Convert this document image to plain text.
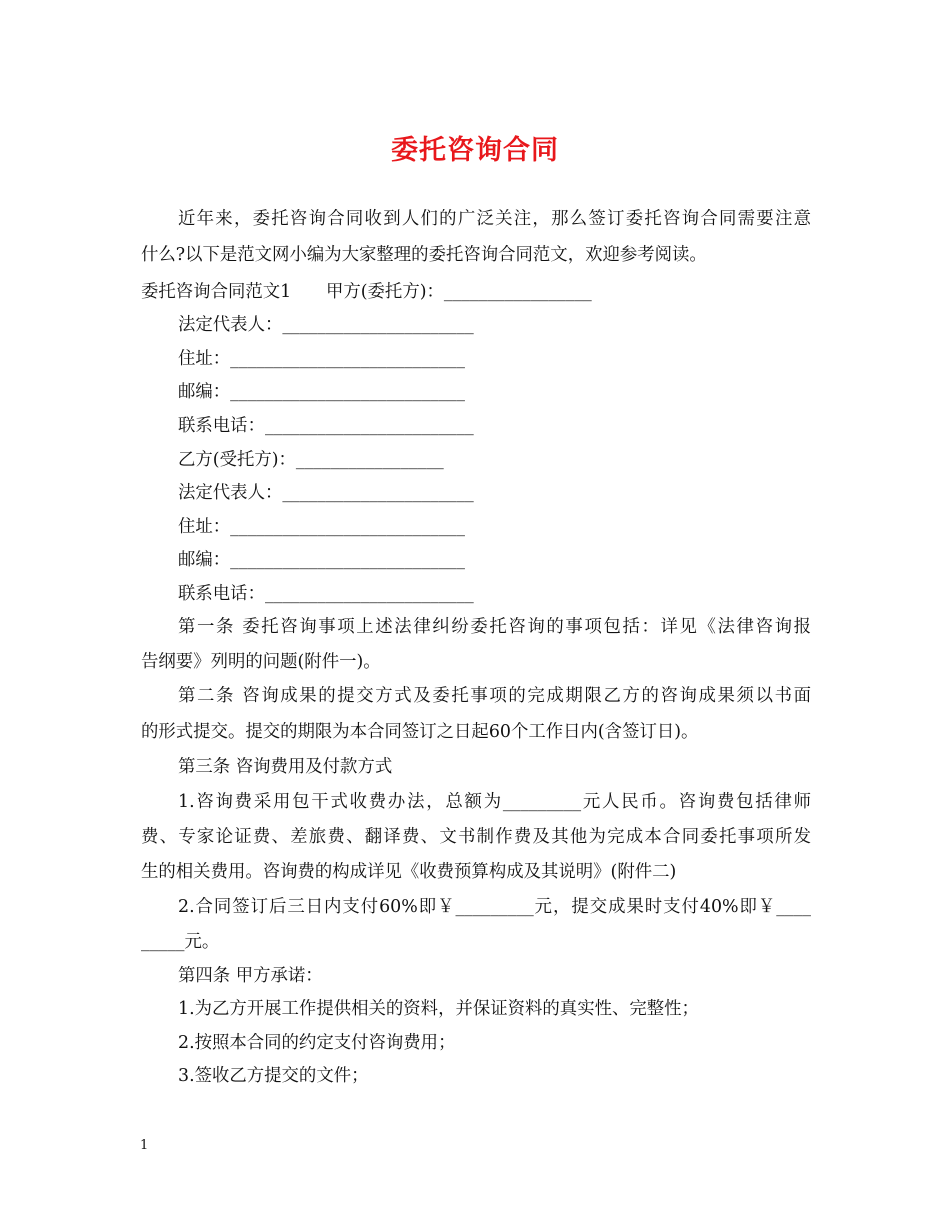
委托咨询合同
近年来，委托咨询合同收到人们的广泛关注，那么签订委托咨询合同需要注意
什么?以下是范文网小编为大家整理的委托咨询合同范文，欢迎参考阅读。
委托咨询合同范文1　　甲方(委托方)：_________________
法定代表人：______________________
住址：___________________________
邮编：___________________________
联系电话：________________________
乙方(受托方)：_________________
法定代表人：______________________
住址：___________________________
邮编：___________________________
联系电话：________________________
第一条 委托咨询事项上述法律纠纷委托咨询的事项包括：详见《法律咨询报
告纲要》列明的问题(附件一)。
第二条 咨询成果的提交方式及委托事项的完成期限乙方的咨询成果须以书面
的形式提交。提交的期限为本合同签订之日起60个工作日内(含签订日)。
第三条 咨询费用及付款方式
1.咨询费采用包干式收费办法，总额为_________元人民币。咨询费包括律师
费、专家论证费、差旅费、翻译费、文书制作费及其他为完成本合同委托事项所发
生的相关费用。咨询费的构成详见《收费预算构成及其说明》(附件二)
2.合同签订后三日内支付60%即￥_________元，提交成果时支付40%即￥____
_____元。
第四条 甲方承诺：
1.为乙方开展工作提供相关的资料，并保证资料的真实性、完整性；
2.按照本合同的约定支付咨询费用；
3.签收乙方提交的文件；
1
